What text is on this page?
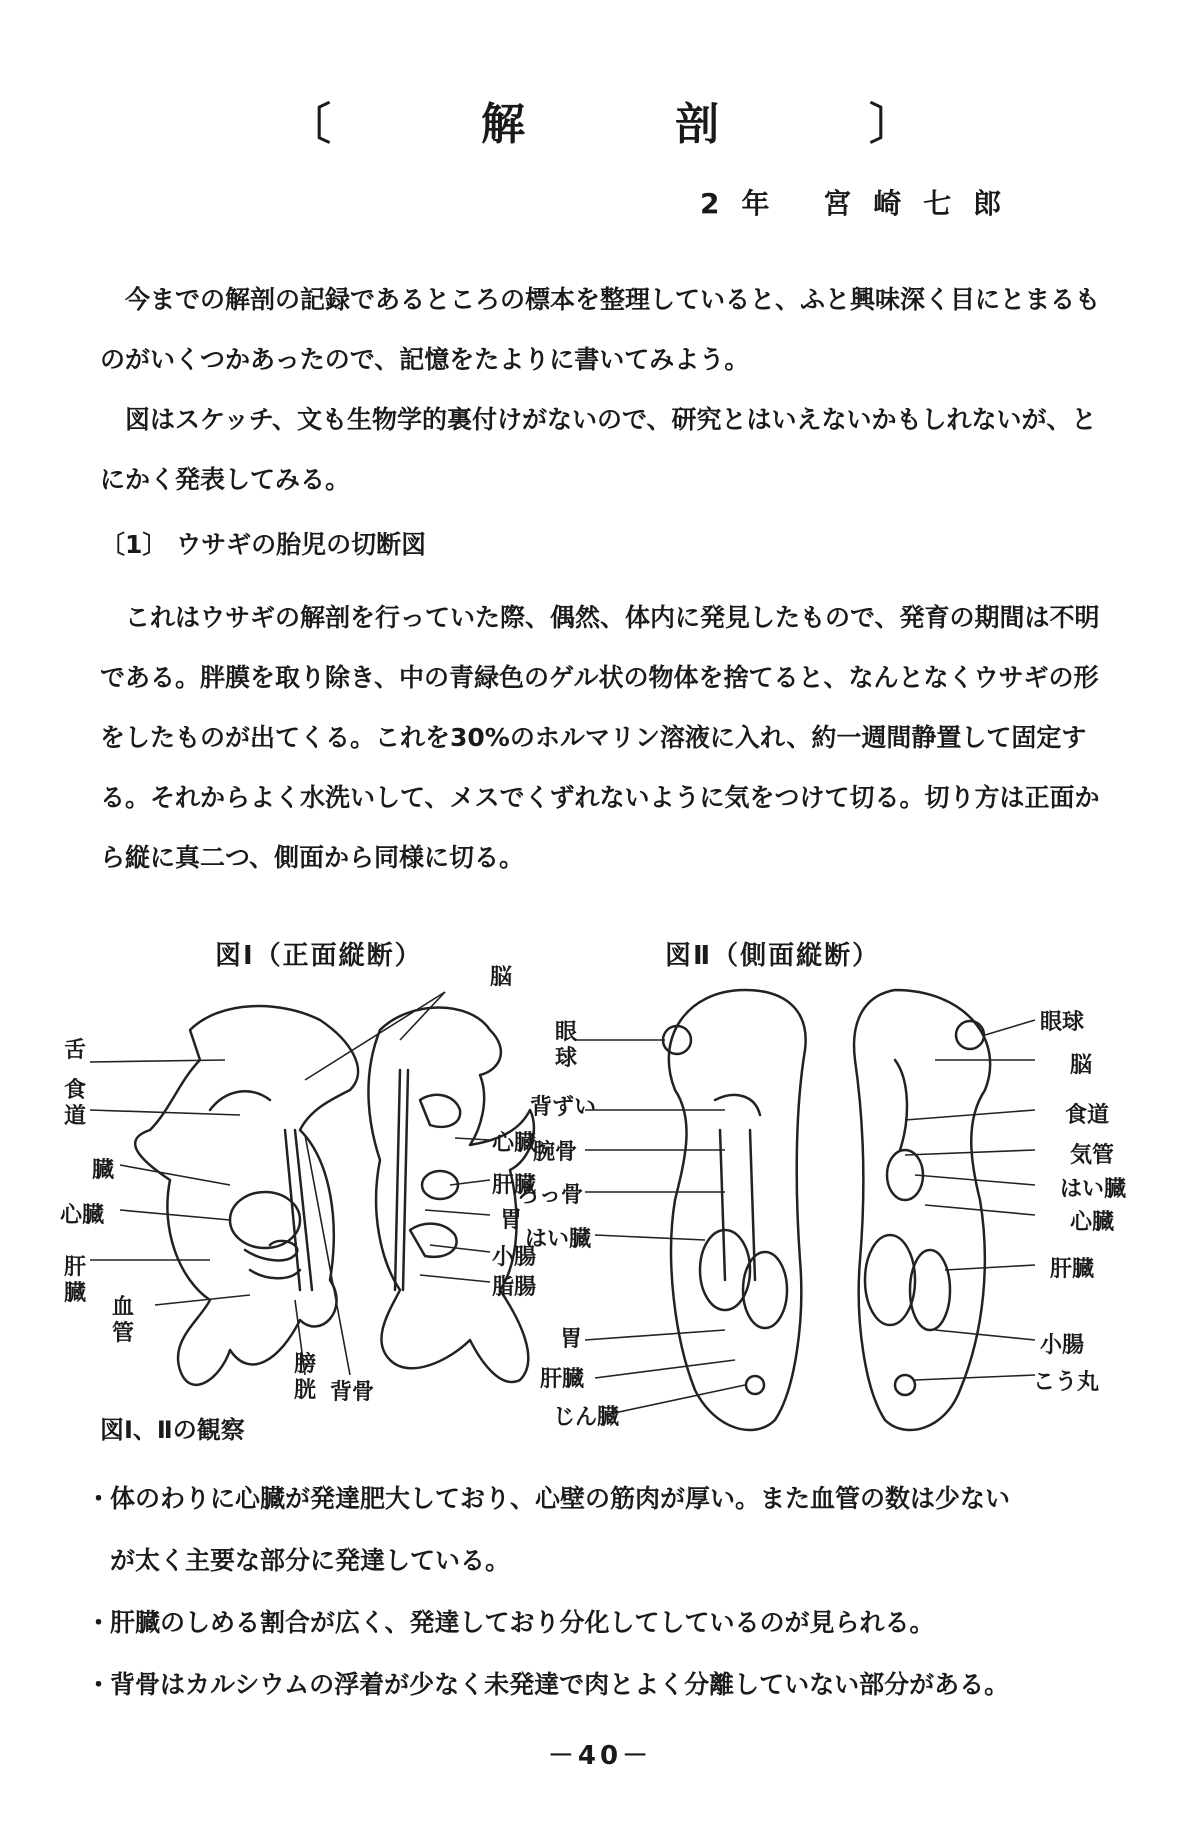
〔解剖〕
2年 宮崎七郎

今までの解剖の記録であるところの標本を整理していると、ふと興味深く目にとまるものがいくつかあったので、記憶をたよりに書いてみよう。

図はスケッチ、文も生物学的裏付けがないので、研究とはいえないかもしれないが、とにかく発表してみる。

〔1〕 ウサギの胎児の切断図

これはウサギの解剖を行っていた際、偶然、体内に発見したもので、発育の期間は不明である。胖膜を取り除き、中の青緑色のゲル状の物体を捨てると、なんとなくウサギの形をしたものが出てくる。これを30%のホルマリン溶液に入れ、約一週間静置して固定する。それからよく水洗いして、メスでくずれないように気をつけて切る。切り方は正面から縦に真二つ、側面から同様に切る。

図Ⅰ（正面縦断）
脳
舌
食道
臓
心臓
肝臓
血管
膀胱 背骨
心臓
肝臓
胃
小腸
脂腸
図Ⅱ（側面縦断）
眼球
背ずい
腕骨
ろっ骨
はい臓
胃
肝臓
じん臓
眼球
脳
食道
気管
はい臓
心臓
肝臓
小腸
こう丸
図Ⅰ、Ⅱの観察
・ 体のわりに心臓が発達肥大しており、心壁の筋肉が厚い。また血管の数は少ない
が太く主要な部分に発達している。
・ 肝臓のしめる割合が広く、発達しており分化してしているのが見られる。
・ 背骨はカルシウムの浮着が少なく未発達で肉とよく分離していない部分がある。
－40－
